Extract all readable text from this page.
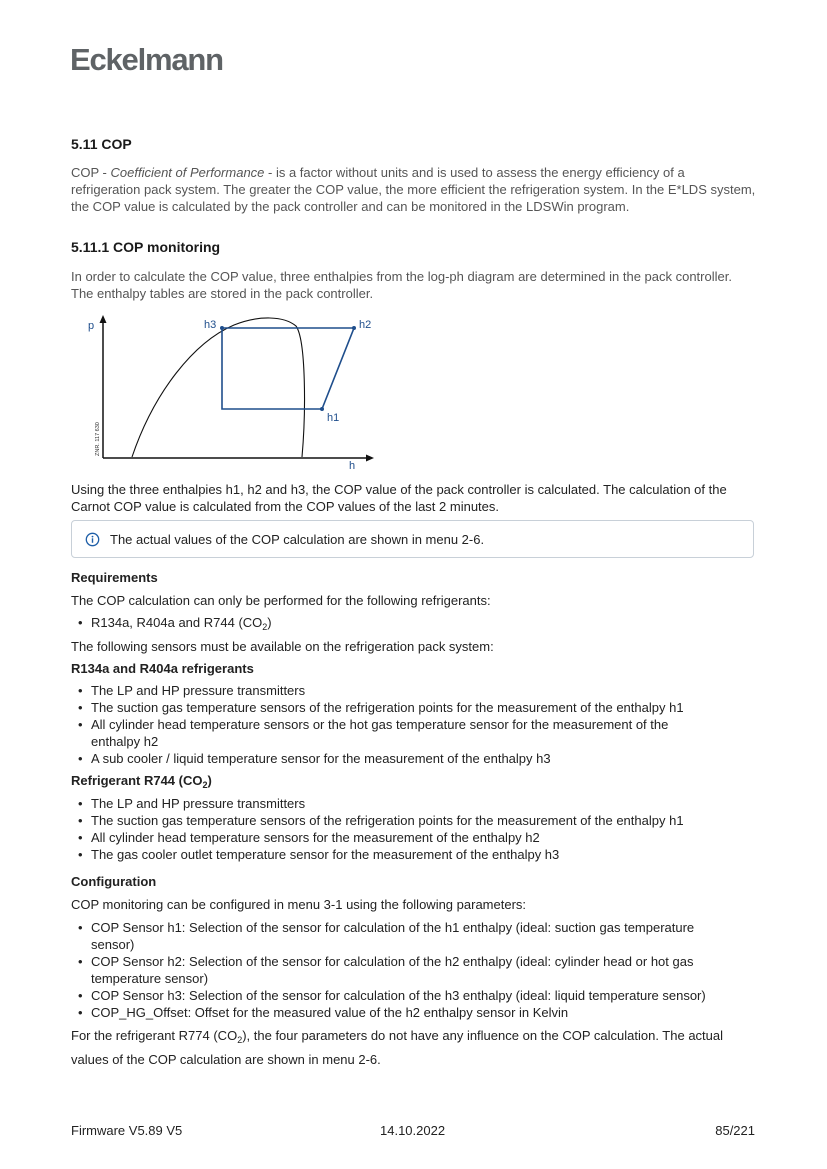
Eckelmann
5.11 COP

COP - Coefficient of Performance - is a factor without units and is used to assess the energy efficiency of a refrigeration pack system. The greater the COP value, the more efficient the refrigeration system. In the E*LDS system, the COP value is calculated by the pack controller and can be monitored in the LDSWin program.

5.11.1 COP monitoring

In order to calculate the COP value, three enthalpies from the log-ph diagram are determined in the pack controller. The enthalpy tables are stored in the pack controller.

p
h
h3	h2
h1
ZNR. 117 630

Using the three enthalpies h1, h2 and h3, the COP value of the pack controller is calculated. The calculation of the Carnot COP value is calculated from the COP values of the last 2 minutes.

The actual values of the COP calculation are shown in menu 2-6.
Requirements
The COP calculation can only be performed for the following refrigerants:
• R134a, R404a and R744 $(CO_2)$
The following sensors must be available on the refrigeration pack system:
R134a and R404a refrigerants
• The LP and HP pressure transmitters
• The suction gas temperature sensors of the refrigeration points for the measurement of the enthalpy h1
• All cylinder head temperature sensors or the hot gas temperature sensor for the measurement of the enthalpy h2
• A sub cooler / liquid temperature sensor for the measurement of the enthalpy h3
Refrigerant R744 $(CO_2)$
• The LP and HP pressure transmitters
• The suction gas temperature sensors of the refrigeration points for the measurement of the enthalpy h1
• All cylinder head temperature sensors for the measurement of the enthalpy h2
• The gas cooler outlet temperature sensor for the measurement of the enthalpy h3
Configuration
COP monitoring can be configured in menu 3-1 using the following parameters:
• COP Sensor h1: Selection of the sensor for calculation of the h1 enthalpy (ideal: suction gas temperature sensor)
• COP Sensor h2: Selection of the sensor for calculation of the h2 enthalpy (ideal: cylinder head or hot gas temperature sensor)
• COP Sensor h3: Selection of the sensor for calculation of the h3 enthalpy (ideal: liquid temperature sensor)
• COP_HG_Offset: Offset for the measured value of the h2 enthalpy sensor in Kelvin

For the refrigerant R774 $(CO_2)$, the four parameters do not have any influence on the COP calculation. The actual values of the COP calculation are shown in menu 2-6.

Firmware V5.89 V5	14.10.2022	85/221
